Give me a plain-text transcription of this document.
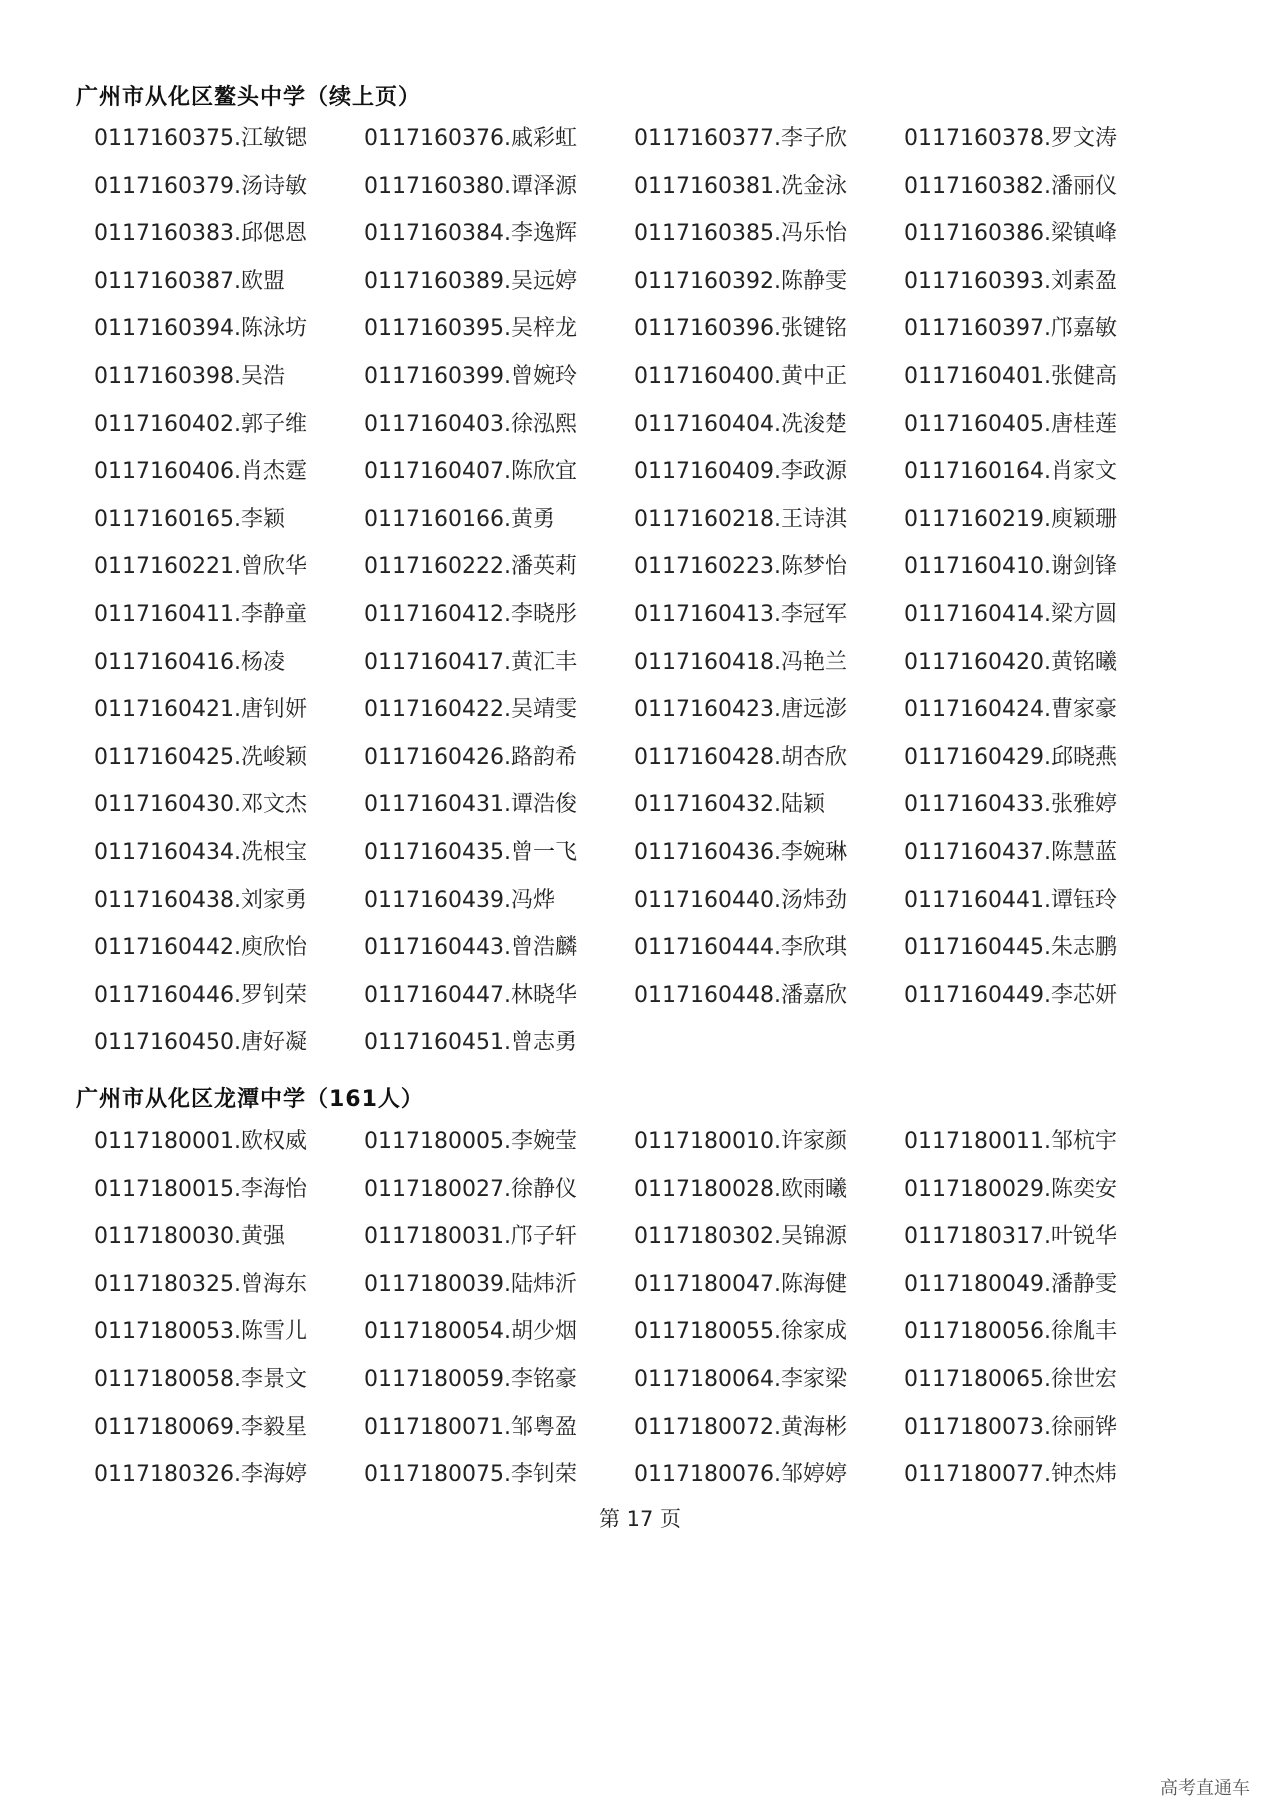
广州市从化区鳌头中学（续上页）
0117160375.江敏锶	0117160376.戚彩虹	0117160377.李子欣	0117160378.罗文涛
0117160379.汤诗敏	0117160380.谭泽源	0117160381.冼金泳	0117160382.潘丽仪
0117160383.邱偲恩	0117160384.李逸辉	0117160385.冯乐怡	0117160386.梁镇峰
0117160387.欧盟	0117160389.吴远婷	0117160392.陈静雯	0117160393.刘素盈
0117160394.陈泳坊	0117160395.吴梓龙	0117160396.张键铭	0117160397.邝嘉敏
0117160398.吴浩	0117160399.曾婉玲	0117160400.黄中正	0117160401.张健高
0117160402.郭子维	0117160403.徐泓熙	0117160404.冼浚楚	0117160405.唐桂莲
0117160406.肖杰霆	0117160407.陈欣宜	0117160409.李政源	0117160164.肖家文
0117160165.李颖	0117160166.黄勇	0117160218.王诗淇	0117160219.庾颖珊
0117160221.曾欣华	0117160222.潘英莉	0117160223.陈梦怡	0117160410.谢剑锋
0117160411.李静童	0117160412.李晓彤	0117160413.李冠军	0117160414.梁方圆
0117160416.杨凌	0117160417.黄汇丰	0117160418.冯艳兰	0117160420.黄铭曦
0117160421.唐钊妍	0117160422.吴靖雯	0117160423.唐远澎	0117160424.曹家豪
0117160425.冼峻颖	0117160426.路韵希	0117160428.胡杏欣	0117160429.邱晓燕
0117160430.邓文杰	0117160431.谭浩俊	0117160432.陆颖	0117160433.张雅婷
0117160434.冼根宝	0117160435.曾一飞	0117160436.李婉琳	0117160437.陈慧蓝
0117160438.刘家勇	0117160439.冯烨	0117160440.汤炜劲	0117160441.谭钰玲
0117160442.庾欣怡	0117160443.曾浩麟	0117160444.李欣琪	0117160445.朱志鹏
0117160446.罗钊荣	0117160447.林晓华	0117160448.潘嘉欣	0117160449.李芯妍
0117160450.唐好凝	0117160451.曾志勇
广州市从化区龙潭中学（161人）
0117180001.欧权威	0117180005.李婉莹	0117180010.许家颜	0117180011.邹杭宇
0117180015.李海怡	0117180027.徐静仪	0117180028.欧雨曦	0117180029.陈奕安
0117180030.黄强	0117180031.邝子轩	0117180302.吴锦源	0117180317.叶锐华
0117180325.曾海东	0117180039.陆炜沂	0117180047.陈海健	0117180049.潘静雯
0117180053.陈雪儿	0117180054.胡少烟	0117180055.徐家成	0117180056.徐胤丰
0117180058.李景文	0117180059.李铭豪	0117180064.李家梁	0117180065.徐世宏
0117180069.李毅星	0117180071.邹粤盈	0117180072.黄海彬	0117180073.徐丽铧
0117180326.李海婷	0117180075.李钊荣	0117180076.邹婷婷	0117180077.钟杰炜
第 17 页
高考直通车
